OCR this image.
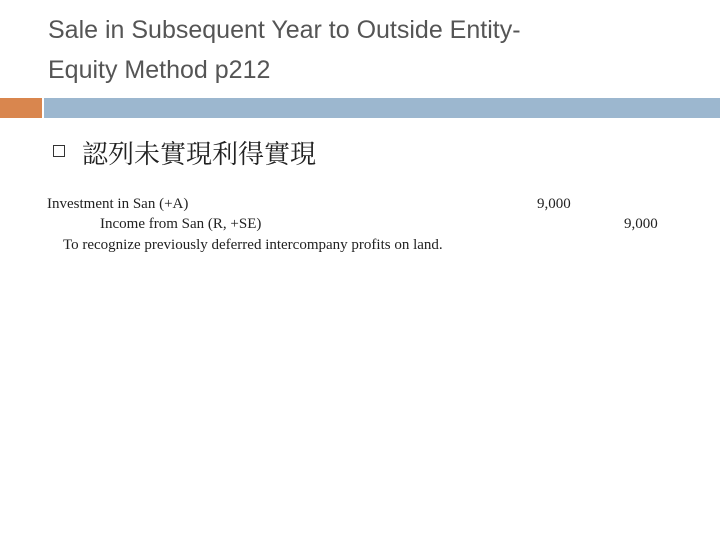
Sale in Subsequent Year to Outside Entity-
Equity Method p212
認列未實現利得實現
Investment in San (+A)	9,000
Income from San (R, +SE)	9,000
To recognize previously deferred intercompany profits on land.
